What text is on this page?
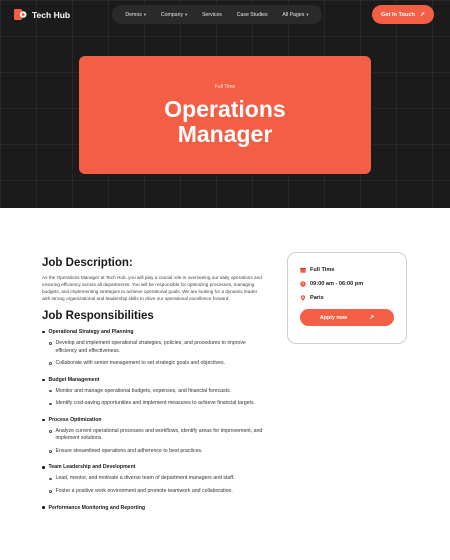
Tech Hub	Demos ▾	Company ▾	Services	Case Studies	All Pages ▾	Get In Touch ↗
Full Time
Operations
Manager
Job Description:

As the Operations Manager at Tech Hub, you will play a crucial role in overseeing our daily operations and ensuring efficiency across all departments. You will be responsible for optimizing processes, managing budgets, and implementing strategies to achieve operational goals. We are looking for a dynamic leader with strong organizational and leadership skills to drive our operational excellence forward.

Job Responsibilities
Operational Strategy and Planning
Develop and implement operational strategies, policies, and procedures to improve efficiency and effectiveness.
Collaborate with senior management to set strategic goals and objectives.
Budget Management
Monitor and manage operational budgets, expenses, and financial forecasts.
Identify cost-saving opportunities and implement measures to achieve financial targets.
Process Optimization
Analyze current operational processes and workflows, identify areas for improvement, and implement solutions.
Ensure streamlined operations and adherence to best practices.
Team Leadership and Development
Lead, mentor, and motivate a diverse team of department managers and staff.
Foster a positive work environment and promote teamwork and collaboration.
Performance Monitoring and Reporting
Full Time
09:00 am - 06:00 pm
Paris
Apply now	↗
